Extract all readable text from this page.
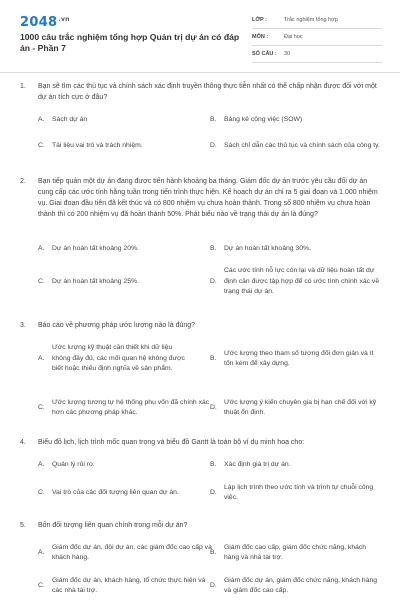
$2048^{.vn}$
1000 câu trắc nghiệm tổng hợp Quản trị dự án có đáp án - Phần 7
LỚP :	Trắc nghiệm tổng hợp
MÔN :	Đại học
SỐ CÂU :	30
1.	Bạn sẽ tìm các thủ tục và chính sách xác định truyền thông thực tiễn nhất có thể chấp nhận được đối với một dự án tích cực ở đâu?
A.	Sách dự án	B.	Bảng kê công việc (SOW)
C.	Tài liệu vai trò và trách nhiệm.	D.	Sách chỉ dẫn các thủ tục và chính sách của công ty.
2.	Bạn tiếp quản một dự án đang được tiến hành khoảng ba tháng. Giám đốc dự án trước yêu cầu đối dự án cung cấp các ước tính hằng tuần trong tiến trình thực hiện. Kế hoạch dự án chỉ ra 5 giai đoạn và 1.000 nhiệm vụ. Giai đoạn đầu tiên đã kết thúc và có 800 nhiệm vụ chưa hoàn thành. Trong số 800 nhiệm vụ chưa hoàn thành thì có 200 nhiệm vụ đã hoàn thành 50%. Phát biểu nào về trạng thái dự án là đúng?
A.	Dự án hoàn tất khoảng 20%.	B.	Dự án hoàn tất khoảng 30%.
C.	Dự án hoàn tất khoảng 25%.	D.
Các ước tính nỗ lực còn lại và dữ liệu hoàn tất dự định cần được tập hợp để có ước tính chính xác về trạng thái dự án.
3.	Báo cáo về phương pháp ước lượng nào là đúng?
A.
Ước lượng kỹ thuật cần thiết khi dữ liệu không đầy đủ, các mối quan hệ không được biết hoặc thiếu định nghĩa về sản phẩm.
B.
Ước lượng theo tham số tương đối đơn giản và ít tốn kém để xây dựng.
C.
Ước lượng tương tự hệ thống phụ vốn đã chính xác hơn các phương pháp khác.
D.
Ước lượng ý kiến chuyên gia bị hạn chế đối với kỹ thuật ổn định.
4.	Biểu đồ lịch, lịch trình mốc quan trọng và biểu đồ Gantt là toàn bộ ví dụ minh hoạ cho:
A.	Quản lý rủi ro.	B.	Xác định giá trị dự án.
C.	Vai trò của các đối tượng liên quan dự án.	D.
Lập lịch trình theo ước tính và trình tự chuỗi công việc.
5.	Bốn đối tượng liên quan chính trong mỗi dự án?
A.
Giám đốc dự án, đội dự án, các giám đốc cao cấp và khách hàng.
B.
Giám đốc cao cấp, giám đốc chức năng, khách hàng và nhà tài trợ.
C.
Giám đốc dự án, khách hàng, tổ chức thực hiện và các nhà tài trợ.
D.
Giám đốc dự án, giám đốc chức năng, khách hàng và giám đốc cao cấp.
